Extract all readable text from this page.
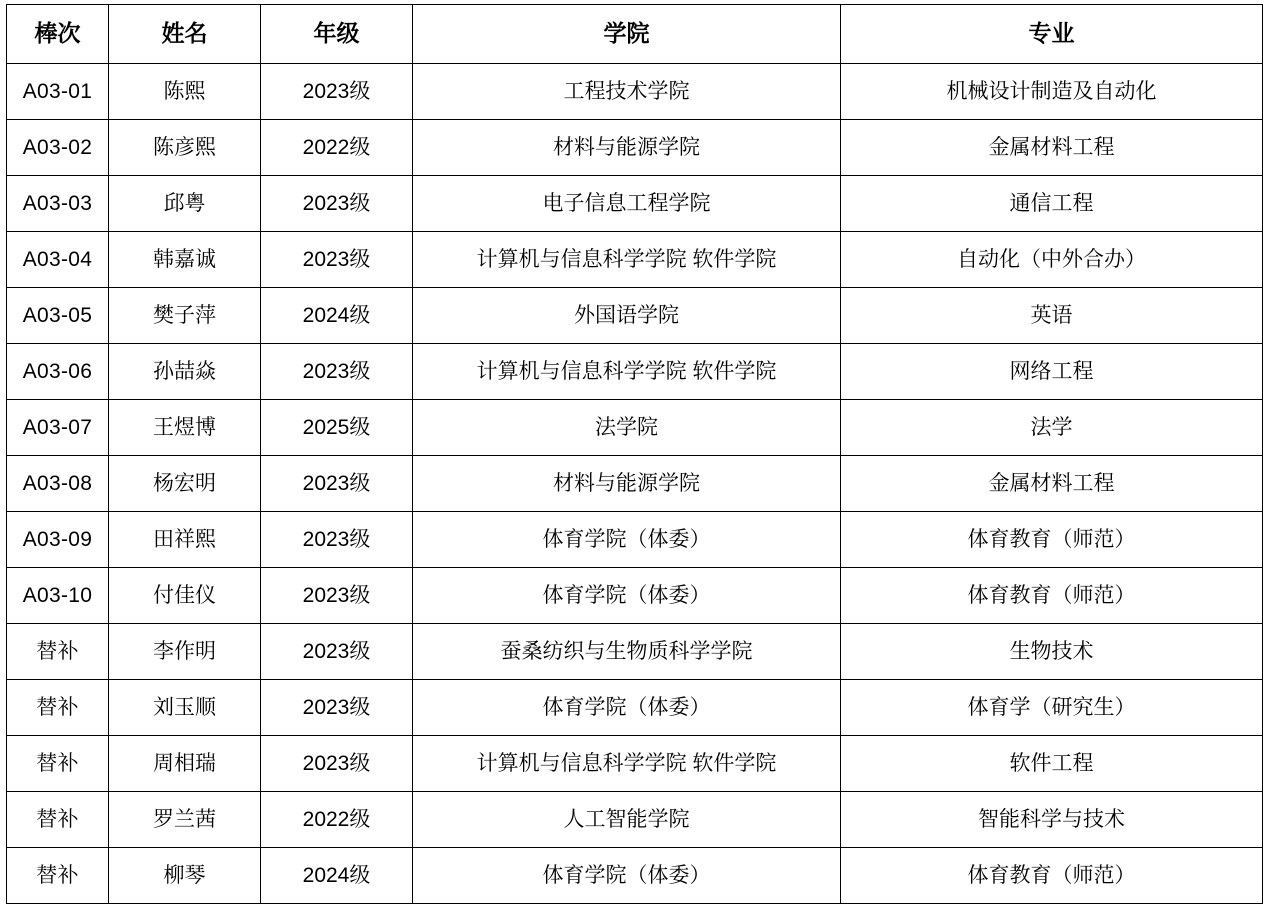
棒次	姓名	年级	学院	专业
A03-01	陈熙	2023级	工程技术学院	机械设计制造及自动化
A03-02	陈彦熙	2022级	材料与能源学院	金属材料工程
A03-03	邱粤	2023级	电子信息工程学院	通信工程
A03-04	韩嘉诚	2023级	计算机与信息科学学院 软件学院	自动化（中外合办）
A03-05	樊子萍	2024级	外国语学院	英语
A03-06	孙喆焱	2023级	计算机与信息科学学院 软件学院	网络工程
A03-07	王煜博	2025级	法学院	法学
A03-08	杨宏明	2023级	材料与能源学院	金属材料工程
A03-09	田祥熙	2023级	体育学院（体委）	体育教育（师范）
A03-10	付佳仪	2023级	体育学院（体委）	体育教育（师范）
替补	李作明	2023级	蚕桑纺织与生物质科学学院	生物技术
替补	刘玉顺	2023级	体育学院（体委）	体育学（研究生）
替补	周相瑞	2023级	计算机与信息科学学院 软件学院	软件工程
替补	罗兰茜	2022级	人工智能学院	智能科学与技术
替补	柳琴	2024级	体育学院（体委）	体育教育（师范）
